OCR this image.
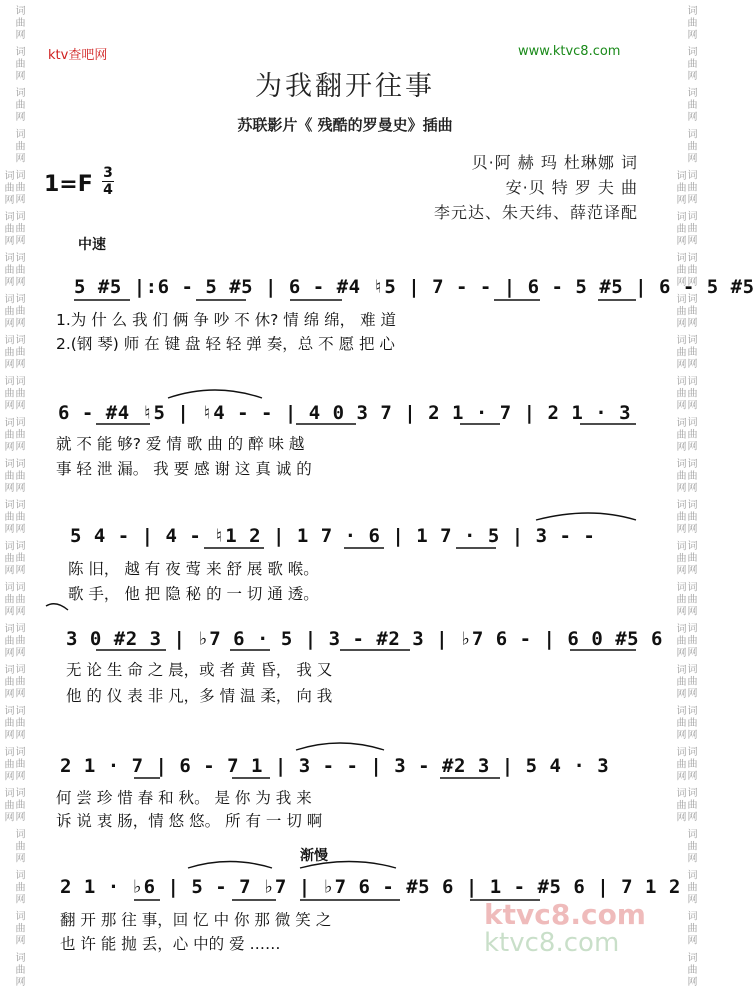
词曲网 词曲网 词曲网 词曲网 词曲网 词曲网 词曲网 词曲网 词曲网 词曲网 词曲网 词曲网 词曲网 词曲网 词曲网 词曲网 词曲网 词曲网 词曲网 词曲网 词曲网 词曲网 词曲网 词曲网 词曲网 词曲网 词曲网 词曲网 词曲网 词曲网 词曲网 词曲网 词曲网 词曲网 词曲网 词曲网 词曲网 词曲网 词曲网 词曲网	词曲网 词曲网 词曲网 词曲网 词曲网 词曲网 词曲网 词曲网 词曲网 词曲网 词曲网 词曲网 词曲网 词曲网 词曲网 词曲网 词曲网 词曲网 词曲网 词曲网 词曲网 词曲网 词曲网 词曲网 词曲网 词曲网 词曲网 词曲网 词曲网 词曲网 词曲网 词曲网 词曲网 词曲网 词曲网 词曲网 词曲网 词曲网 词曲网 词曲网
ktv查吧网	www.ktvc8.com
为我翻开往事
苏联影片《 残酷的罗曼史》插曲
1=F 3
4
贝·阿 赫 玛 杜琳娜 词
安·贝 特 罗 夫 曲
李元达、朱天纬、薛范译配
中速
渐慢
5 #5 |:6 - 5 #5 | 6 - #4 ♮5 | 7 - - | 6 - 5 #5 | 6 - 5 #5
1.为 什 么 我 们 俩 争 吵 不 休? 情 绵 绵， 难 道
2.(钢 琴) 师 在 键 盘 轻 轻 弹 奏，总 不 愿 把 心
6 - #4 ♮5 | ♮4 - - | 4 0 3 7 | 2 1 · 7 | 2 1 · 3
就 不 能 够? 爱 情 歌 曲 的 醉 味 越
事 轻 泄 漏。 我 要 感 谢 这 真 诚 的
5 4 - | 4 - ♮1 2 | 1 7 · 6 | 1 7 · 5 | 3 - -
陈 旧， 越 有 夜 莺 来 舒 展 歌 喉。
歌 手， 他 把 隐 秘 的 一 切 通 透。
3 0 #2 3 | ♭7 6 · 5 | 3 - #2 3 | ♭7 6 - | 6 0 #5 6
无 论 生 命 之 晨，或 者 黄 昏， 我 又
他 的 仪 表 非 凡，多 情 温 柔， 向 我
2 1 · 7 | 6 - 7 1 | 3 - - | 3 - #2 3 | 5 4 · 3
何 尝 珍 惜 春 和 秋。 是 你 为 我 来
诉 说 衷 肠，情 悠 悠。 所 有 一 切 啊
2 1 · ♭6 | 5 - 7 ♭7 | ♭7 6 - #5 6 | 1 - #5 6 | 7 1 2
翻 开 那 往 事，回 忆 中 你 那 微 笑 之
也 许 能 抛 丢，心 中的 爱 ……
ktvc8.com
ktvc8.com
